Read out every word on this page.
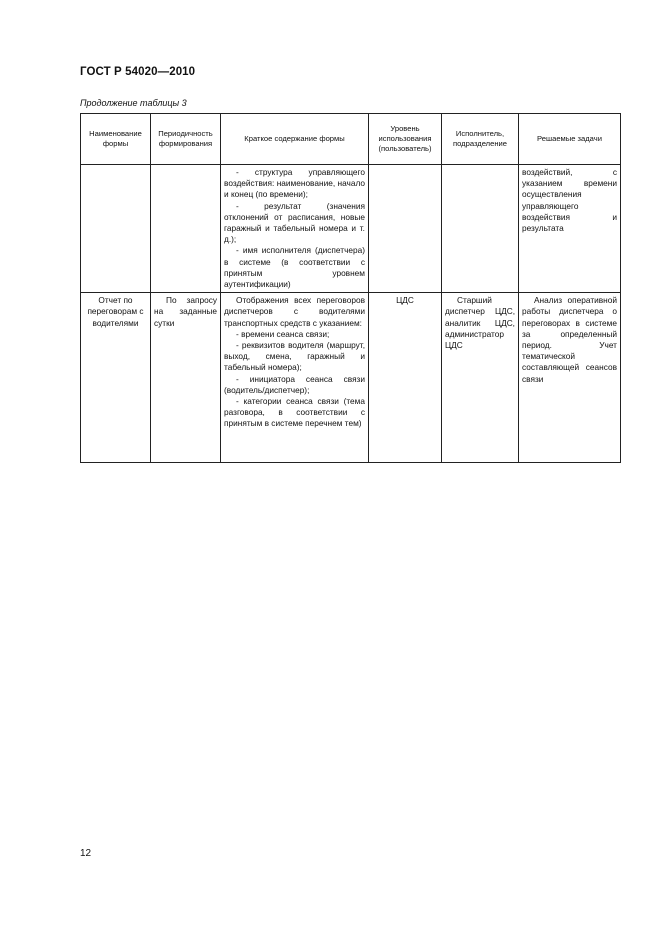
ГОСТ Р 54020—2010
Продолжение таблицы 3
Наименование формы	Периодичность формирования	Краткое содержание формы	Уровень использования (пользователь)	Исполнитель, подразделение	Решаемые задачи

		- структура управляющего воздействия: наименование, начало и конец (по времени);
- результат (значения отклонений от расписания, новые гаражный и табельный номера и т. д.);
- имя исполнителя (диспетчера) в системе (в соответствии с принятым уровнем аутентификации)			воздействий, с указанием времени осуществления управляющего воздействия и результата
Отчет по переговорам с водителями	По запросу на заданные сутки	Отображения всех переговоров диспетчеров с водителями транспортных средств с указанием:
- времени сеанса связи;
- реквизитов водителя (маршрут, выход, смена, гаражный и табельный номера);
- инициатора сеанса связи (водитель/диспетчер);
- категории сеанса связи (тема разговора, в соответствии с принятым в системе перечнем тем)	ЦДС	Старший диспетчер ЦДС, аналитик ЦДС, администратор ЦДС	Анализ оперативной работы диспетчера о переговорах в системе за определенный период. Учет тематической составляющей сеансов связи
12
